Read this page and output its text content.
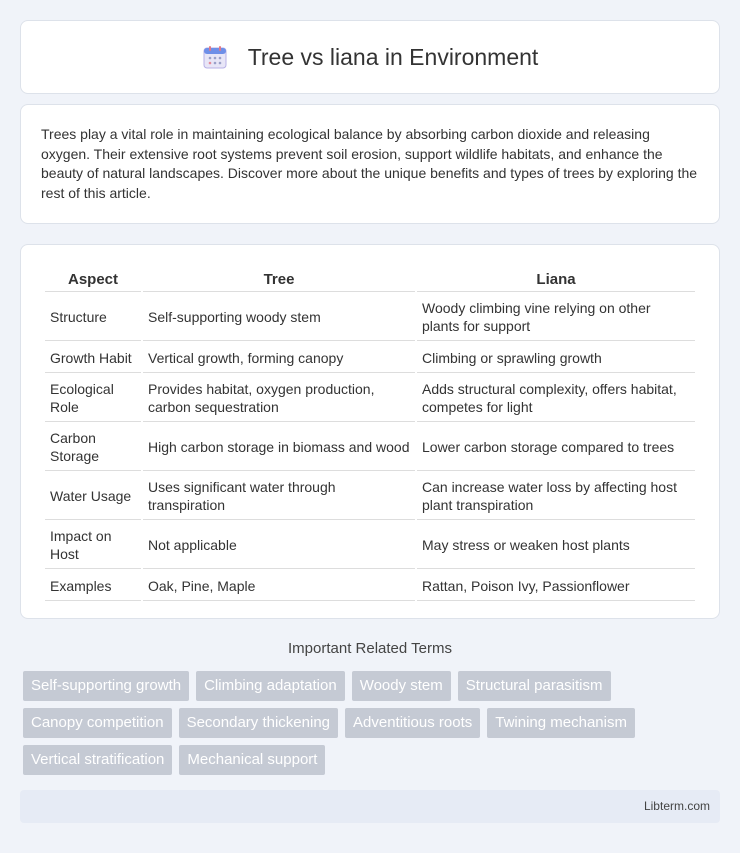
Tree vs liana in Environment

Trees play a vital role in maintaining ecological balance by absorbing carbon dioxide and releasing oxygen. Their extensive root systems prevent soil erosion, support wildlife habitats, and enhance the beauty of natural landscapes. Discover more about the unique benefits and types of trees by exploring the rest of this article.

Aspect	Tree	Liana
Structure	Self-supporting woody stem	Woody climbing vine relying on other plants for support
Growth Habit	Vertical growth, forming canopy	Climbing or sprawling growth
Ecological Role	Provides habitat, oxygen production, carbon sequestration	Adds structural complexity, offers habitat, competes for light
Carbon Storage	High carbon storage in biomass and wood	Lower carbon storage compared to trees
Water Usage	Uses significant water through transpiration	Can increase water loss by affecting host plant transpiration
Impact on Host	Not applicable	May stress or weaken host plants
Examples	Oak, Pine, Maple	Rattan, Poison Ivy, Passionflower
Important Related Terms
Self-supporting growth	Climbing adaptation	Woody stem	Structural parasitism
Canopy competition	Secondary thickening	Adventitious roots	Twining mechanism
Vertical stratification	Mechanical support
Libterm.com
